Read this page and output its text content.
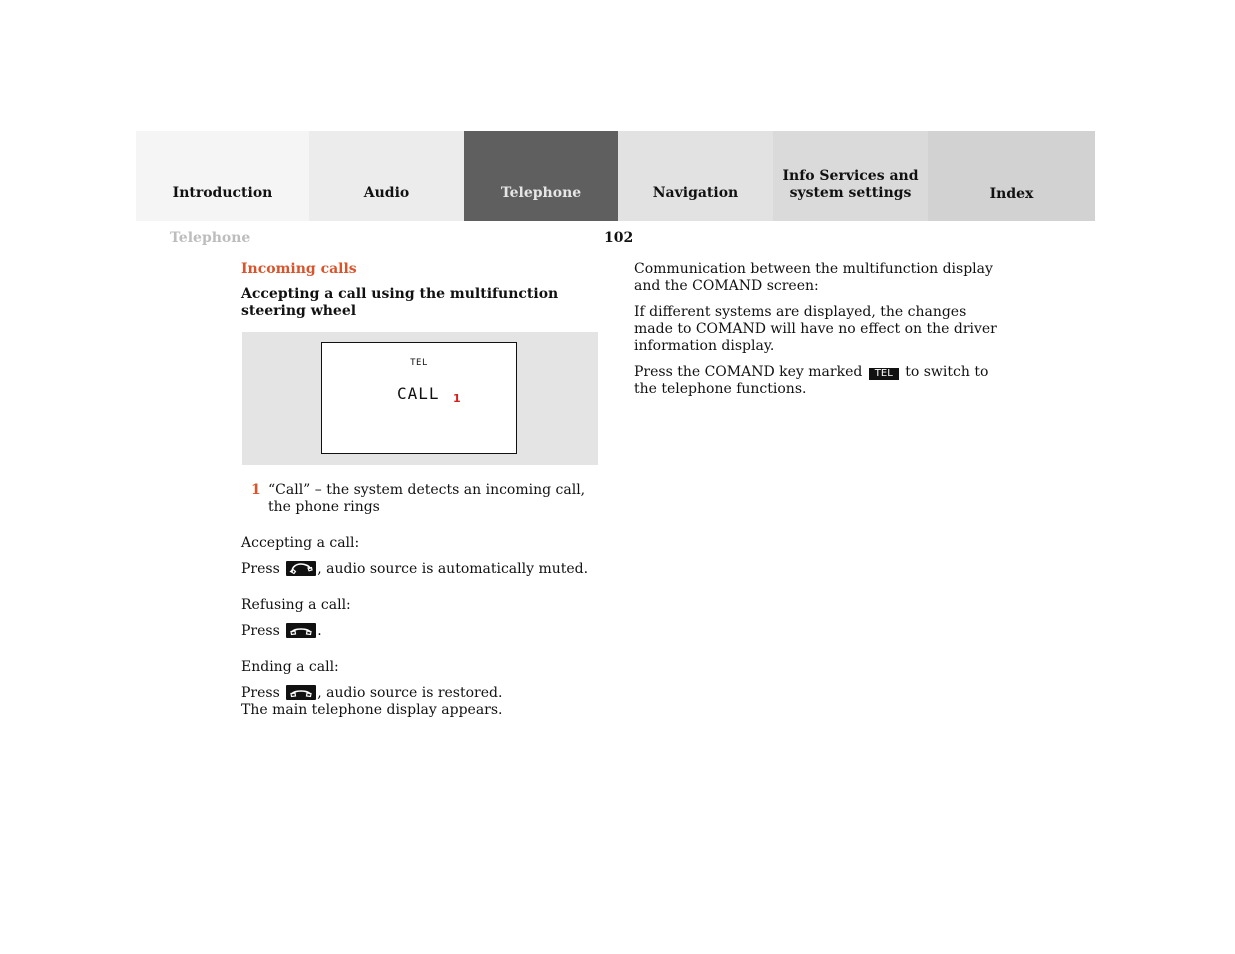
Introduction	Audio	Telephone	Navigation
Info Services and
system settings	Index
Telephone	102

Incoming calls

Accepting a call using the multifunction steering wheel

TEL
CALL 1
1 “Call” – the system detects an incoming call, the phone rings

Accepting a call:

Press	, audio source is automatically muted.

Refusing a call:

Press	.

Ending a call:

Press	, audio source is restored.
The main telephone display appears.

Communication between the multifunction display and the COMAND screen:

If different systems are displayed, the changes made to COMAND will have no effect on the driver information display.

Press the COMAND key marked TEL to switch to the telephone functions.
